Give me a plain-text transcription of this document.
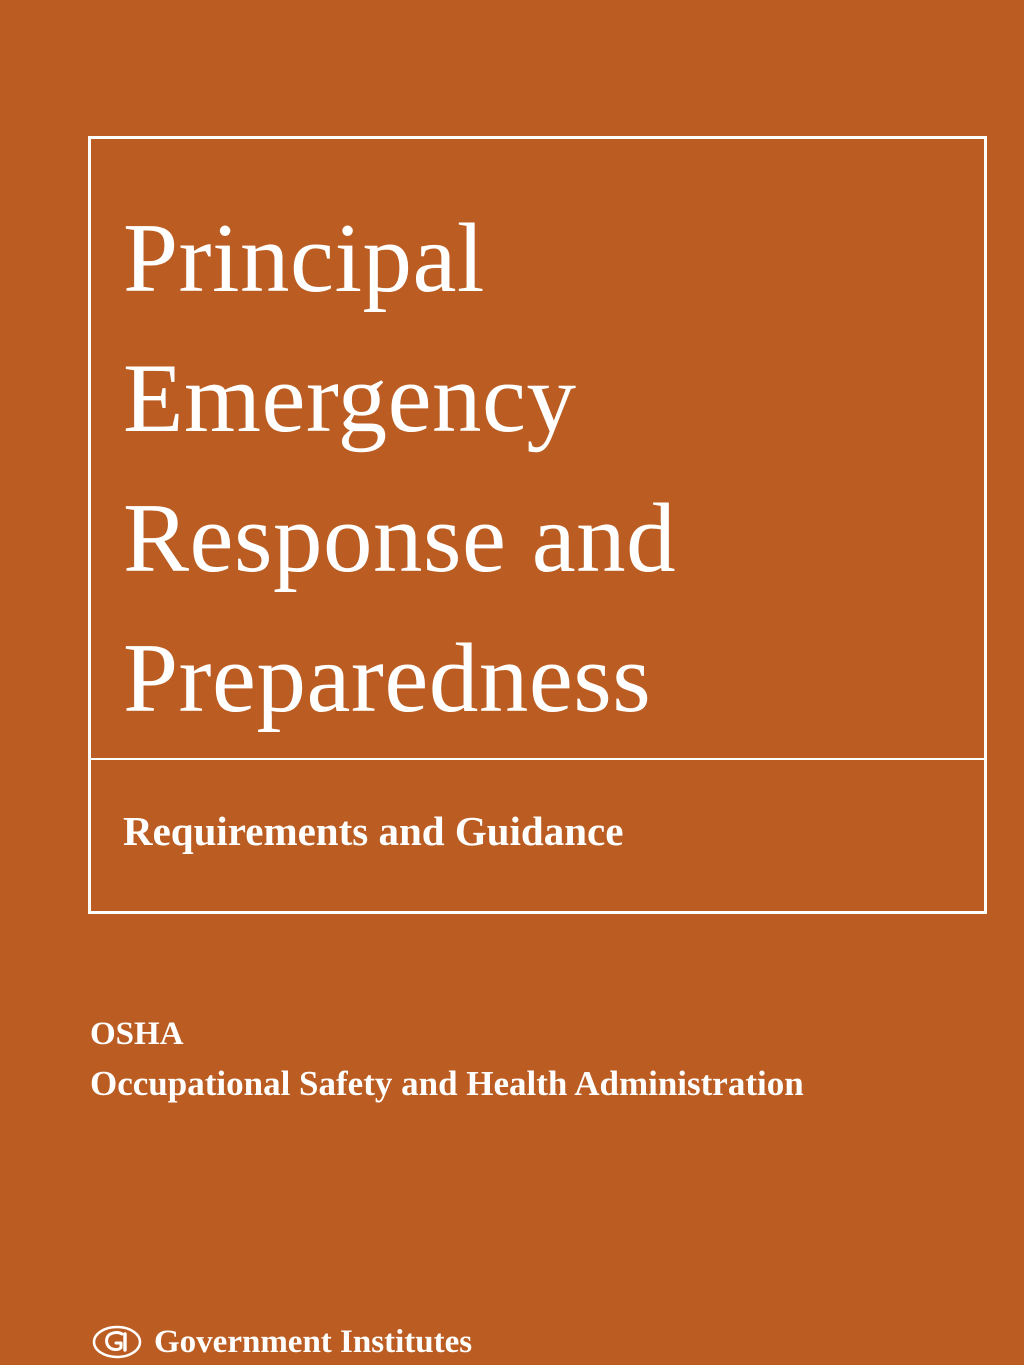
Principal
Emergency
Response and
Preparedness

Requirements and Guidance

OSHA
Occupational Safety and Health Administration
Government Institutes
